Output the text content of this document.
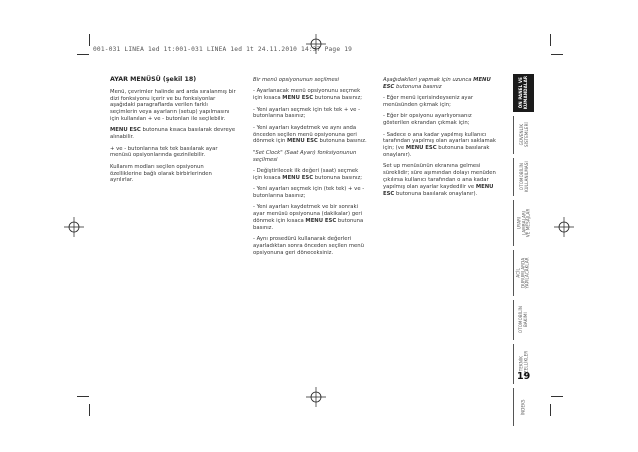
001-031 LINEA 1ed 1t:001-031 LINEA 1ed 1t 24.11.2010 14:37 Page 19

AYAR MENÜSÜ (şekil 18)

Menü, çevrimler halinde ard arda sıralanmış bir dizi fonksiyonu içerir ve bu fonksiyonlar aşağıdaki paragraflarda verilen farklı seçimlerin veya ayarların (setup) yapılmasını için kullanılan + ve - butonları ile seçilebilir.

MENU ESC butonuna kısaca basılarak devreye alınabilir.

+ ve - butonlarına tek tek basılarak ayar menüsü opsiyonlarında gezinilebilir.

Kullanım modları seçilen opsiyonun özelliklerine bağlı olarak birbirlerinden ayrılırlar.

Bir menü opsiyonunun seçilmesi

- Ayarlanacak menü opsiyonunu seçmek için kısaca MENU ESC butonuna basınız;

- Yeni ayarları seçmek için tek tek + ve - butonlarına basınız;

- Yeni ayarları kaydetmek ve aynı anda önceden seçilen menü opsiyonuna geri dönmek için MENU ESC butonuna basınız.

"Set Clock" (Saat Ayarı) fonksiyonunun seçilmesi

- Değiştirilecek ilk değeri (saat) seçmek için kısaca MENU ESC butonuna basınız;

- Yeni ayarları seçmek için (tek tek) + ve - butonlarına basınız;

- Yeni ayarları kaydetmek ve bir sonraki ayar menüsü opsiyonuna (dakikalar) geri dönmek için kısaca MENU ESC butonuna basınız.

- Aynı prosedürü kullanarak değerleri ayarladıktan sonra önceden seçilen menü opsiyonuna geri döneceksiniz.

Aşağıdakileri yapmak için uzunca MENU ESC butonuna basınız

- Eğer menü içerisindeyseniz ayar menüsünden çıkmak için;

- Eğer bir opsiyonu ayarlıyorsanız gösterilen ekrandan çıkmak için;

- Sadece o ana kadar yapılmış kullanıcı tarafından yapılmış olan ayarları saklamak için; (ve MENU ESC butonuna basılarak onaylanır).

Set up menüsünün ekranına gelmesi süreklidir; süre aşımından dolayı menüden çıkılırsa kullanıcı tarafından o ana kadar yapılmış olan ayarlar kaydedilir ve MENU ESC butonuna basılarak onaylanır).

ÖN PANEL VE
KUMANDALAR
GÜVENLİK
SİSTEMLERİ
OTOMOBİLİN
KULLANILMASI
UYARI
LAMBALARI
VE MESAJLAR
ACİL
DURUMLARDA
YAPILACAKLAR
OTOMOBİLİN
BAKIMI
TEKNİK
ÖZELLİKLER
İNDEKS
19
